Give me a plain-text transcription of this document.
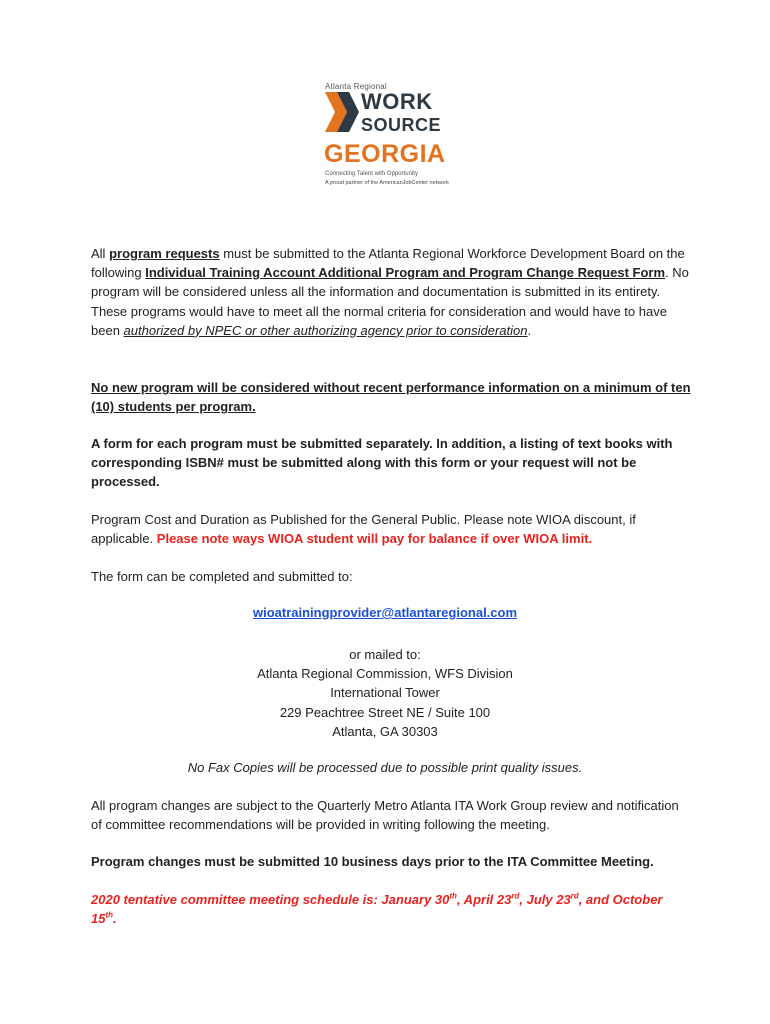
Atlanta Regional
WORK
SOURCE
GEORGIA
Connecting Talent with Opportunity
A proud partner of the AmericanJobCenter network

All program requests must be submitted to the Atlanta Regional Workforce Development Board on the following Individual Training Account Additional Program and Program Change Request Form. No program will be considered unless all the information and documentation is submitted in its entirety. These programs would have to meet all the normal criteria for consideration and would have to have been authorized by NPEC or other authorizing agency prior to consideration.

No new program will be considered without recent performance information on a minimum of ten (10) students per program.

A form for each program must be submitted separately. In addition, a listing of text books with corresponding ISBN# must be submitted along with this form or your request will not be processed.

Program Cost and Duration as Published for the General Public. Please note WIOA discount, if applicable. Please note ways WIOA student will pay for balance if over WIOA limit.

The form can be completed and submitted to:

wioatrainingprovider@atlantaregional.com

or mailed to:
Atlanta Regional Commission, WFS Division
International Tower
229 Peachtree Street NE / Suite 100
Atlanta, GA 30303

No Fax Copies will be processed due to possible print quality issues.

All program changes are subject to the Quarterly Metro Atlanta ITA Work Group review and notification of committee recommendations will be provided in writing following the meeting.

Program changes must be submitted 10 business days prior to the ITA Committee Meeting.

2020 tentative committee meeting schedule is: January 30th, April 23rd, July 23rd, and October 15th.
